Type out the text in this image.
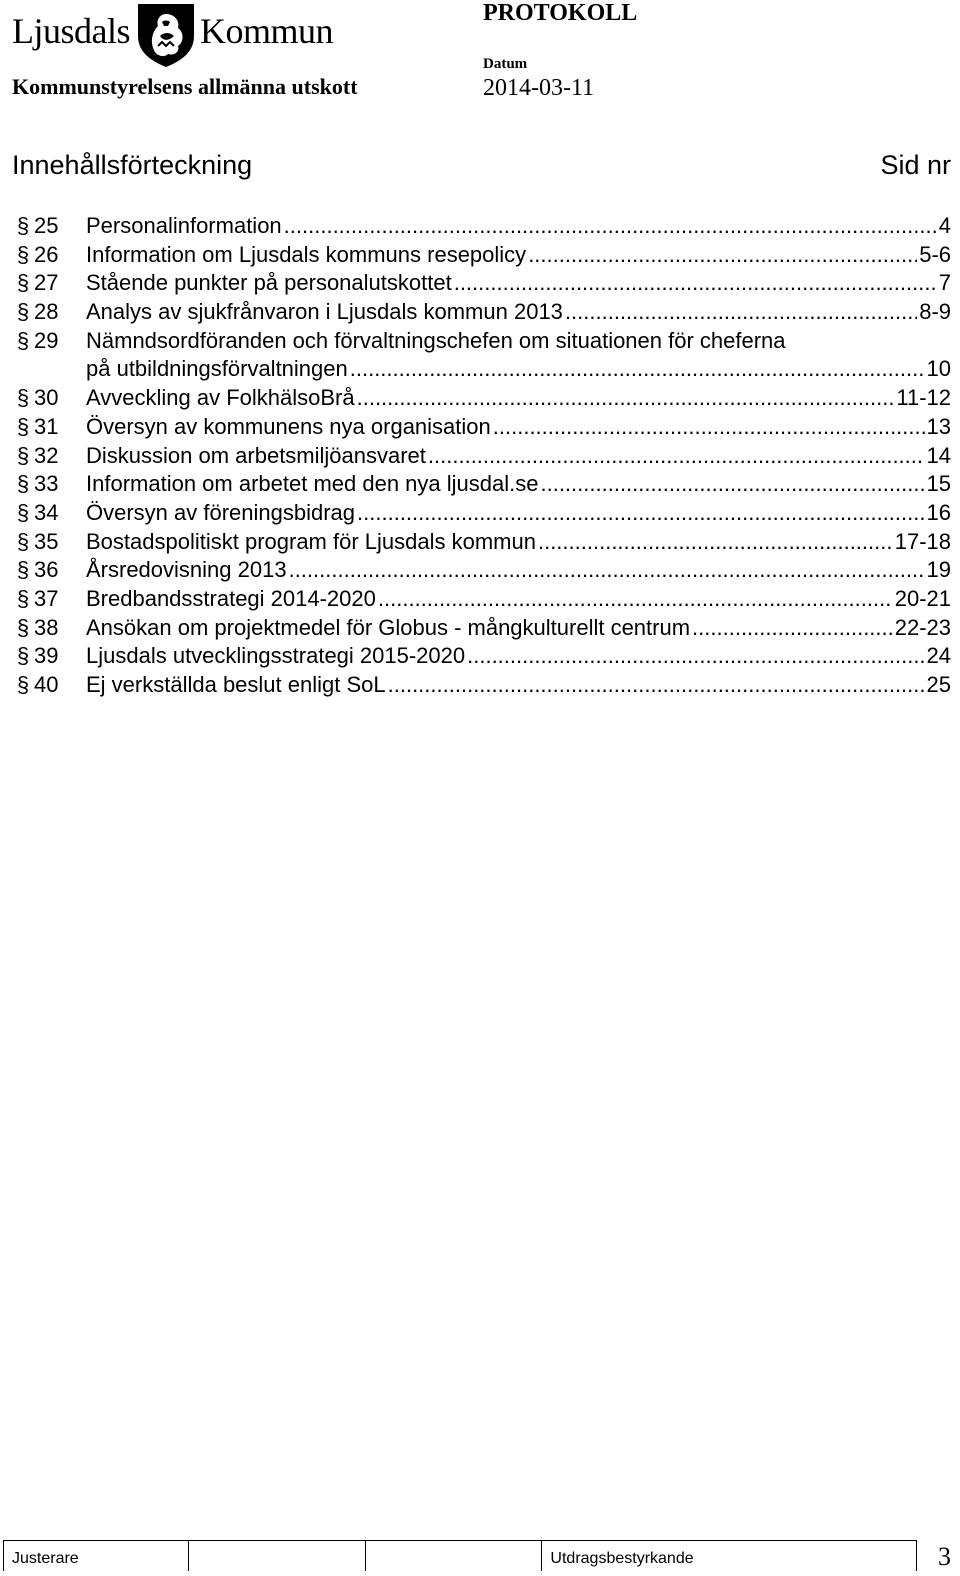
Ljusdals Kommun
Kommunstyrelsens allmänna utskott
PROTOKOLL
Datum
2014-03-11
Innehållsförteckning	Sid nr
§ 25	Personalinformation .....	4
§ 26	Information om Ljusdals kommuns resepolicy .....	5-6
§ 27	Stående punkter på personalutskottet .....	7
§ 28	Analys av sjukfrånvaron i Ljusdals kommun 2013 .....	8-9
§ 29	Nämndsordföranden och förvaltningschefen om situationen för cheferna
på utbildningsförvaltningen .....	10
§ 30	Avveckling av FolkhälsoBrå .....	11-12
§ 31	Översyn av kommunens nya organisation .....	13
§ 32	Diskussion om arbetsmiljöansvaret .....	14
§ 33	Information om arbetet med den nya ljusdal.se .....	15
§ 34	Översyn av föreningsbidrag .....	16
§ 35	Bostadspolitiskt program för Ljusdals kommun .....	17-18
§ 36	Årsredovisning 2013 .....	19
§ 37	Bredbandsstrategi 2014-2020 .....	20-21
§ 38	Ansökan om projektmedel för Globus - mångkulturellt centrum .....	22-23
§ 39	Ljusdals utvecklingsstrategi 2015-2020 .....	24
§ 40	Ej verkställda beslut enligt SoL .....	25
Justerare	Utdragsbestyrkande	3
